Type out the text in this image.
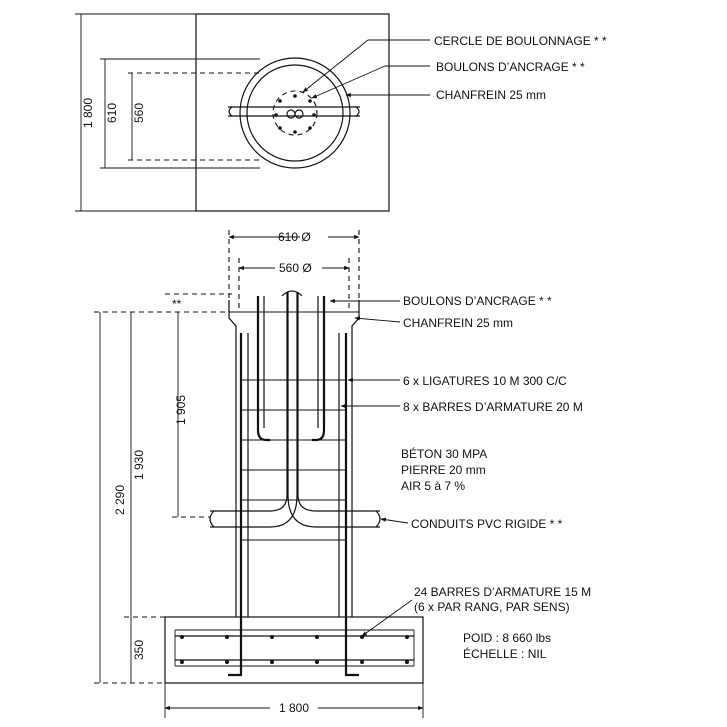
1 800 610 560
CERCLE DE BOULONNAGE * *
BOULONS D’ANCRAGE * *
CHANFREIN 25 mm
610 Ø
560 Ø
**
2 290
1 930
1 905
350
1 800
BOULONS D’ANCRAGE * *
CHANFREIN 25 mm
6 x LIGATURES 10 M 300 C/C
8 x BARRES D’ARMATURE 20 M
BÉTON 30 MPA
PIERRE 20 mm
AIR 5 à 7 %
CONDUITS PVC RIGIDE * *
24 BARRES D’ARMATURE 15 M
(6 x PAR RANG, PAR SENS)
POID : 8 660 lbs
ÉCHELLE : NIL
